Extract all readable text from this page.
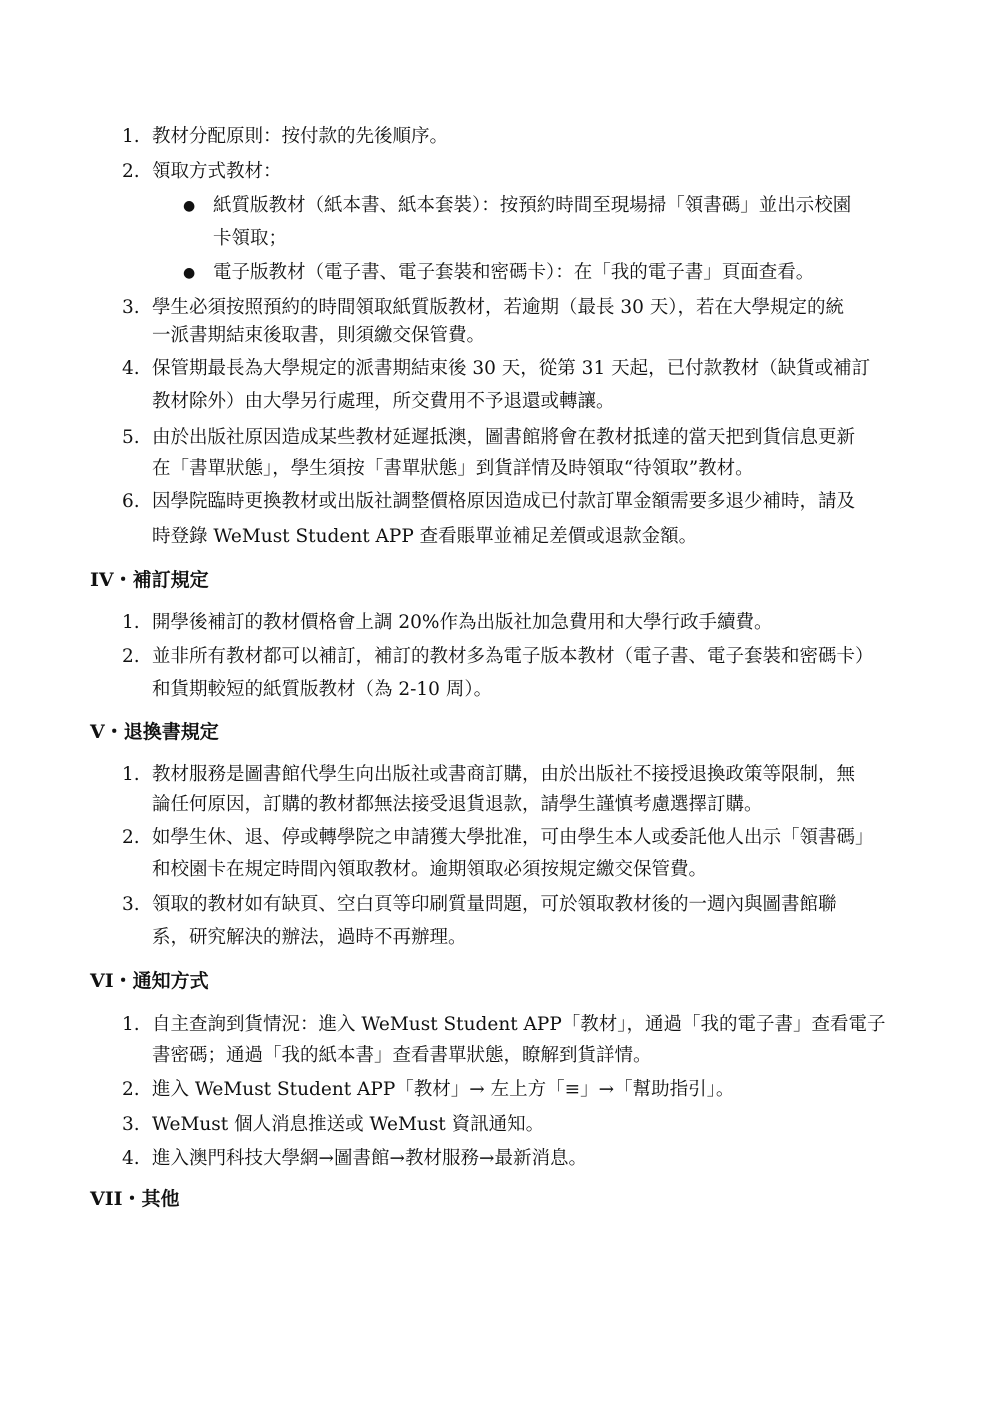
1. 教材分配原則：按付款的先後順序。
2. 領取方式教材：
● 紙質版教材（紙本書、紙本套裝）：按預約時間至現場掃「領書碼」並出示校園
卡領取；
● 電子版教材（電子書、電子套裝和密碼卡）：在「我的電子書」頁面查看。
3. 學生必須按照預約的時間領取紙質版教材，若逾期（最長 30 天），若在大學規定的統
一派書期結束後取書，則須繳交保管費。
4. 保管期最長為大學規定的派書期結束後 30 天，從第 31 天起，已付款教材（缺貨或補訂
教材除外）由大學另行處理，所交費用不予退還或轉讓。
5. 由於出版社原因造成某些教材延遲抵澳，圖書館將會在教材抵達的當天把到貨信息更新
在「書單狀態」，學生須按「書單狀態」到貨詳情及時領取“待領取”教材。
6. 因學院臨時更換教材或出版社調整價格原因造成已付款訂單金額需要多退少補時，請及
時登錄 WeMust Student APP 查看賬單並補足差價或退款金額。
IV・補訂規定
1. 開學後補訂的教材價格會上調 20%作為出版社加急費用和大學行政手續費。
2. 並非所有教材都可以補訂，補訂的教材多為電子版本教材（電子書、電子套裝和密碼卡）
和貨期較短的紙質版教材（為 2-10 周）。
V・退換書規定
1. 教材服務是圖書館代學生向出版社或書商訂購，由於出版社不接授退換政策等限制，無
論任何原因，訂購的教材都無法接受退貨退款，請學生謹慎考慮選擇訂購。
2. 如學生休、退、停或轉學院之申請獲大學批准，可由學生本人或委託他人出示「領書碼」
和校園卡在規定時間內領取教材。逾期領取必須按規定繳交保管費。
3. 領取的教材如有缺頁、空白頁等印刷質量問題，可於領取教材後的一週內與圖書館聯
系，研究解決的辦法，過時不再辦理。
VI・通知方式
1. 自主查詢到貨情況：進入 WeMust Student APP「教材」，通過「我的電子書」查看電子
書密碼；通過「我的紙本書」查看書單狀態，瞭解到貨詳情。
2. 進入 WeMust Student APP「教材」→ 左上方「≡」→「幫助指引」。
3. WeMust 個人消息推送或 WeMust 資訊通知。
4. 進入澳門科技大學網→圖書館→教材服務→最新消息。
VII・其他
